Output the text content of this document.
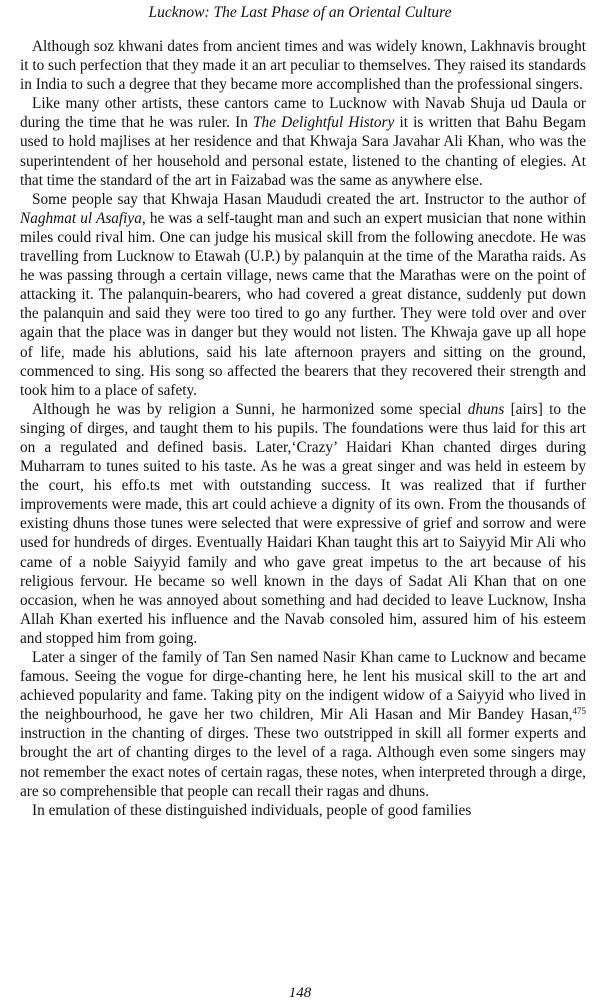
Lucknow: The Last Phase of an Oriental Culture

Although soz khwani dates from ancient times and was widely known, Lakhnavis brought it to such perfection that they made it an art peculiar to themselves. They raised its standards in India to such a degree that they became more accomplished than the professional singers.

Like many other artists, these cantors came to Lucknow with Navab Shuja ud Daula or during the time that he was ruler. In The Delightful History it is written that Bahu Begam used to hold majlises at her residence and that Khwaja Sara Javahar Ali Khan, who was the superintendent of her household and personal estate, listened to the chanting of elegies. At that time the standard of the art in Faizabad was the same as anywhere else.

Some people say that Khwaja Hasan Maududi created the art. Instructor to the author of Naghmat ul Asafiya, he was a self-taught man and such an expert musician that none within miles could rival him. One can judge his musical skill from the following anecdote. He was travelling from Lucknow to Etawah (U.P.) by palanquin at the time of the Maratha raids. As he was passing through a certain village, news came that the Marathas were on the point of attacking it. The palanquin-bearers, who had covered a great distance, suddenly put down the palanquin and said they were too tired to go any further. They were told over and over again that the place was in danger but they would not listen. The Khwaja gave up all hope of life, made his ablutions, said his late afternoon prayers and sitting on the ground, commenced to sing. His song so affected the bearers that they recovered their strength and took him to a place of safety.

Although he was by religion a Sunni, he harmonized some special dhuns [airs] to the singing of dirges, and taught them to his pupils. The foundations were thus laid for this art on a regulated and defined basis. Later,‘Crazy’ Haidari Khan chanted dirges during Muharram to tunes suited to his taste. As he was a great singer and was held in esteem by the court, his effo.ts met with outstanding success. It was realized that if further improvements were made, this art could achieve a dignity of its own. From the thousands of existing dhuns those tunes were selected that were expressive of grief and sorrow and were used for hundreds of dirges. Eventually Haidari Khan taught this art to Saiyyid Mir Ali who came of a noble Saiyyid family and who gave great impetus to the art because of his religious fervour. He became so well known in the days of Sadat Ali Khan that on one occasion, when he was annoyed about something and had decided to leave Lucknow, Insha Allah Khan exerted his influence and the Navab consoled him, assured him of his esteem and stopped him from going.

Later a singer of the family of Tan Sen named Nasir Khan came to Lucknow and became famous. Seeing the vogue for dirge-chanting here, he lent his musical skill to the art and achieved popularity and fame. Taking pity on the indigent widow of a Saiyyid who lived in the neighbourhood, he gave her two children, Mir Ali Hasan and Mir Bandey Hasan,$^{475}$ instruction in the chanting of dirges. These two outstripped in skill all former experts and brought the art of chanting dirges to the level of a raga. Although even some singers may not remember the exact notes of certain ragas, these notes, when interpreted through a dirge, are so comprehensible that people can recall their ragas and dhuns.

In emulation of these distinguished individuals, people of good families

148
